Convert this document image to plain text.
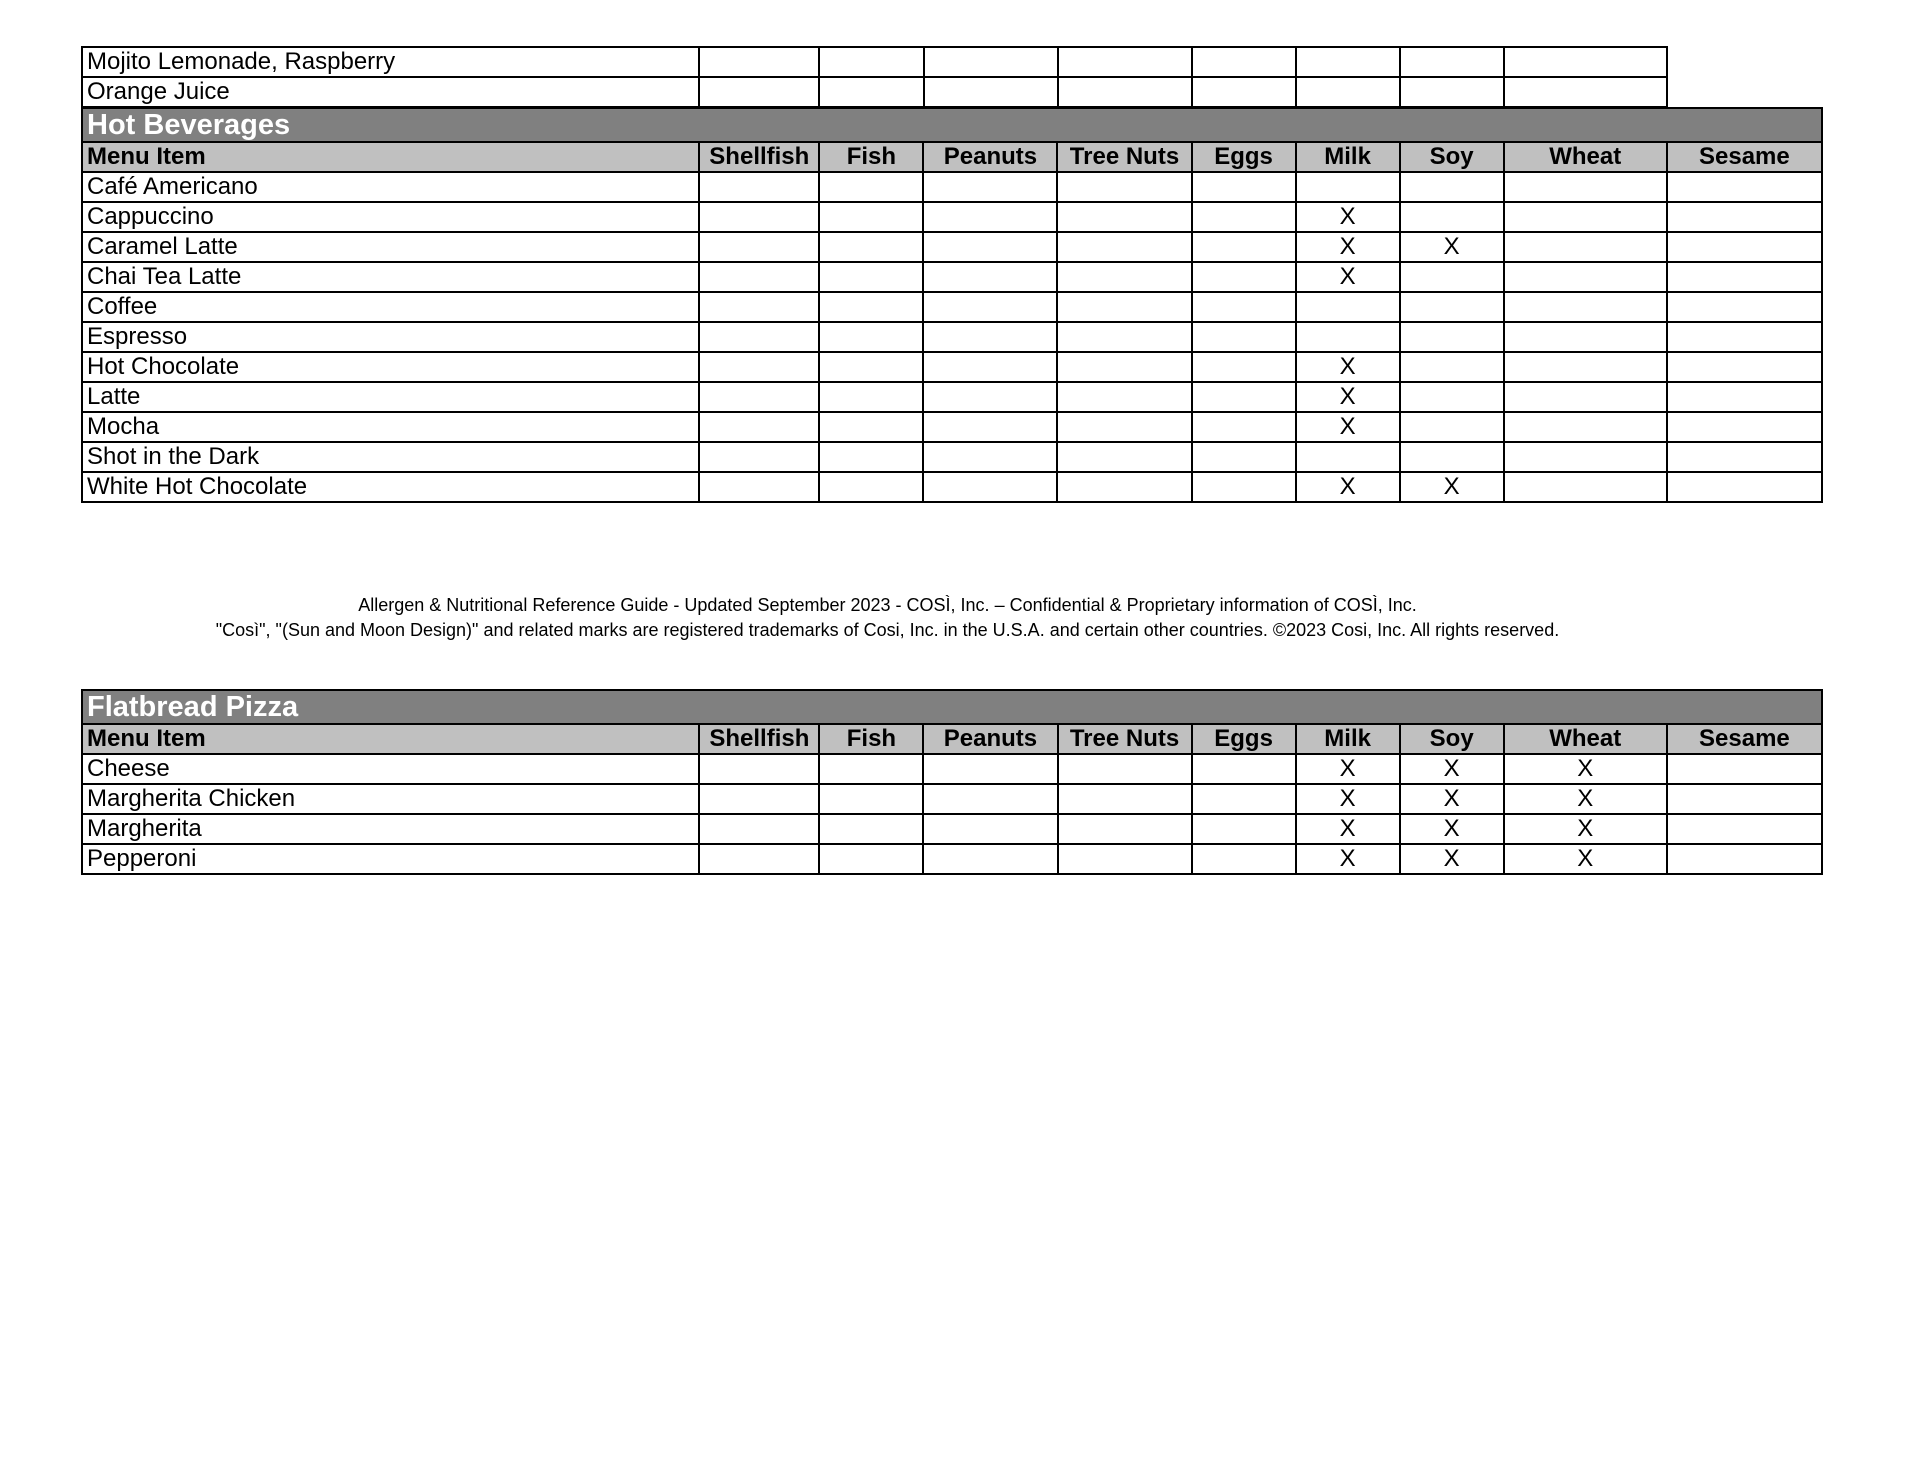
Mojito Lemonade, Raspberry								
Orange Juice								
Hot Beverages									
Menu Item	Shellfish	Fish	Peanuts	Tree Nuts	Eggs	Milk	Soy	Wheat	Sesame
Café Americano									
Cappuccino						X			
Caramel Latte						X	X		
Chai Tea Latte						X			
Coffee									
Espresso									
Hot Chocolate						X			
Latte						X			
Mocha						X			
Shot in the Dark									
White Hot Chocolate						X	X		
Allergen & Nutritional Reference Guide - Updated September 2023 - COSÌ, Inc. – Confidential & Proprietary information of COSÌ, Inc.
"Così", "(Sun and Moon Design)" and related marks are registered trademarks of Cosi, Inc. in the U.S.A. and certain other countries. ©2023 Cosi, Inc. All rights reserved.
Flatbread Pizza									
Menu Item	Shellfish	Fish	Peanuts	Tree Nuts	Eggs	Milk	Soy	Wheat	Sesame
Cheese						X	X	X	
Margherita Chicken						X	X	X	
Margherita						X	X	X	
Pepperoni						X	X	X	
